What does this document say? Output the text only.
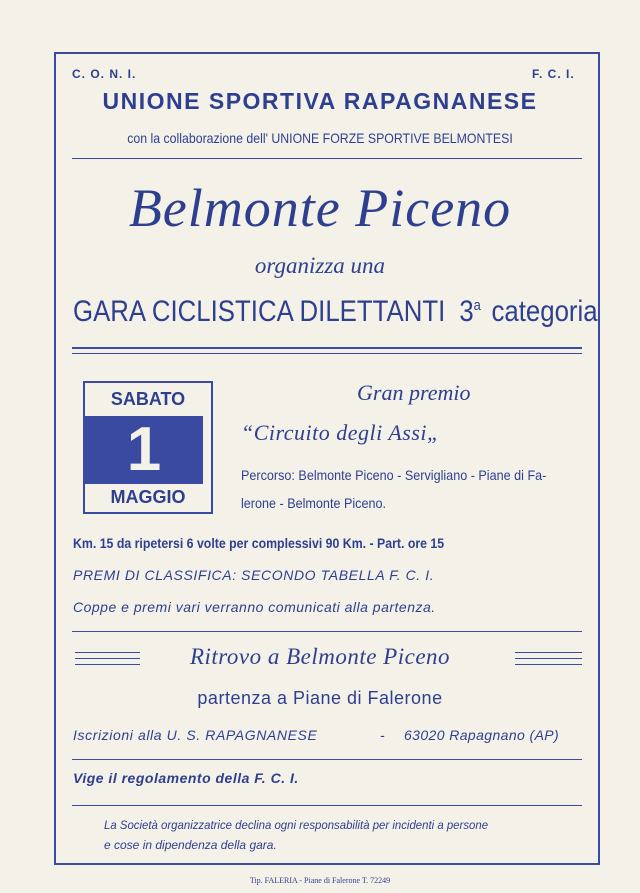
C. O. N. I.	F. C. I.
UNIONE SPORTIVA RAPAGNANESE
con la collaborazione dell' UNIONE FORZE SPORTIVE BELMONTESI
Belmonte Piceno
organizza una
GARA CICLISTICA DILETTANTI 3$^a$ categoria
SABATO
1
MAGGIO
Gran premio
“Circuito degli Assi„
Percorso: Belmonte Piceno - Servigliano - Piane di Fa-
lerone - Belmonte Piceno.
Km. 15 da ripetersi 6 volte per complessivi 90 Km. - Part. ore 15
PREMI DI CLASSIFICA: SECONDO TABELLA F. C. I.
Coppe e premi vari verranno comunicati alla partenza.
Ritrovo a Belmonte Piceno
partenza a Piane di Falerone
Iscrizioni alla U. S. RAPAGNANESE	- 63020 Rapagnano (AP)
Vige il regolamento della F. C. I.
La Società organizzatrice declina ogni responsabilità per incidenti a persone
e cose in dipendenza della gara.
Tip. FALERIA - Piane di Falerone T. 72249
